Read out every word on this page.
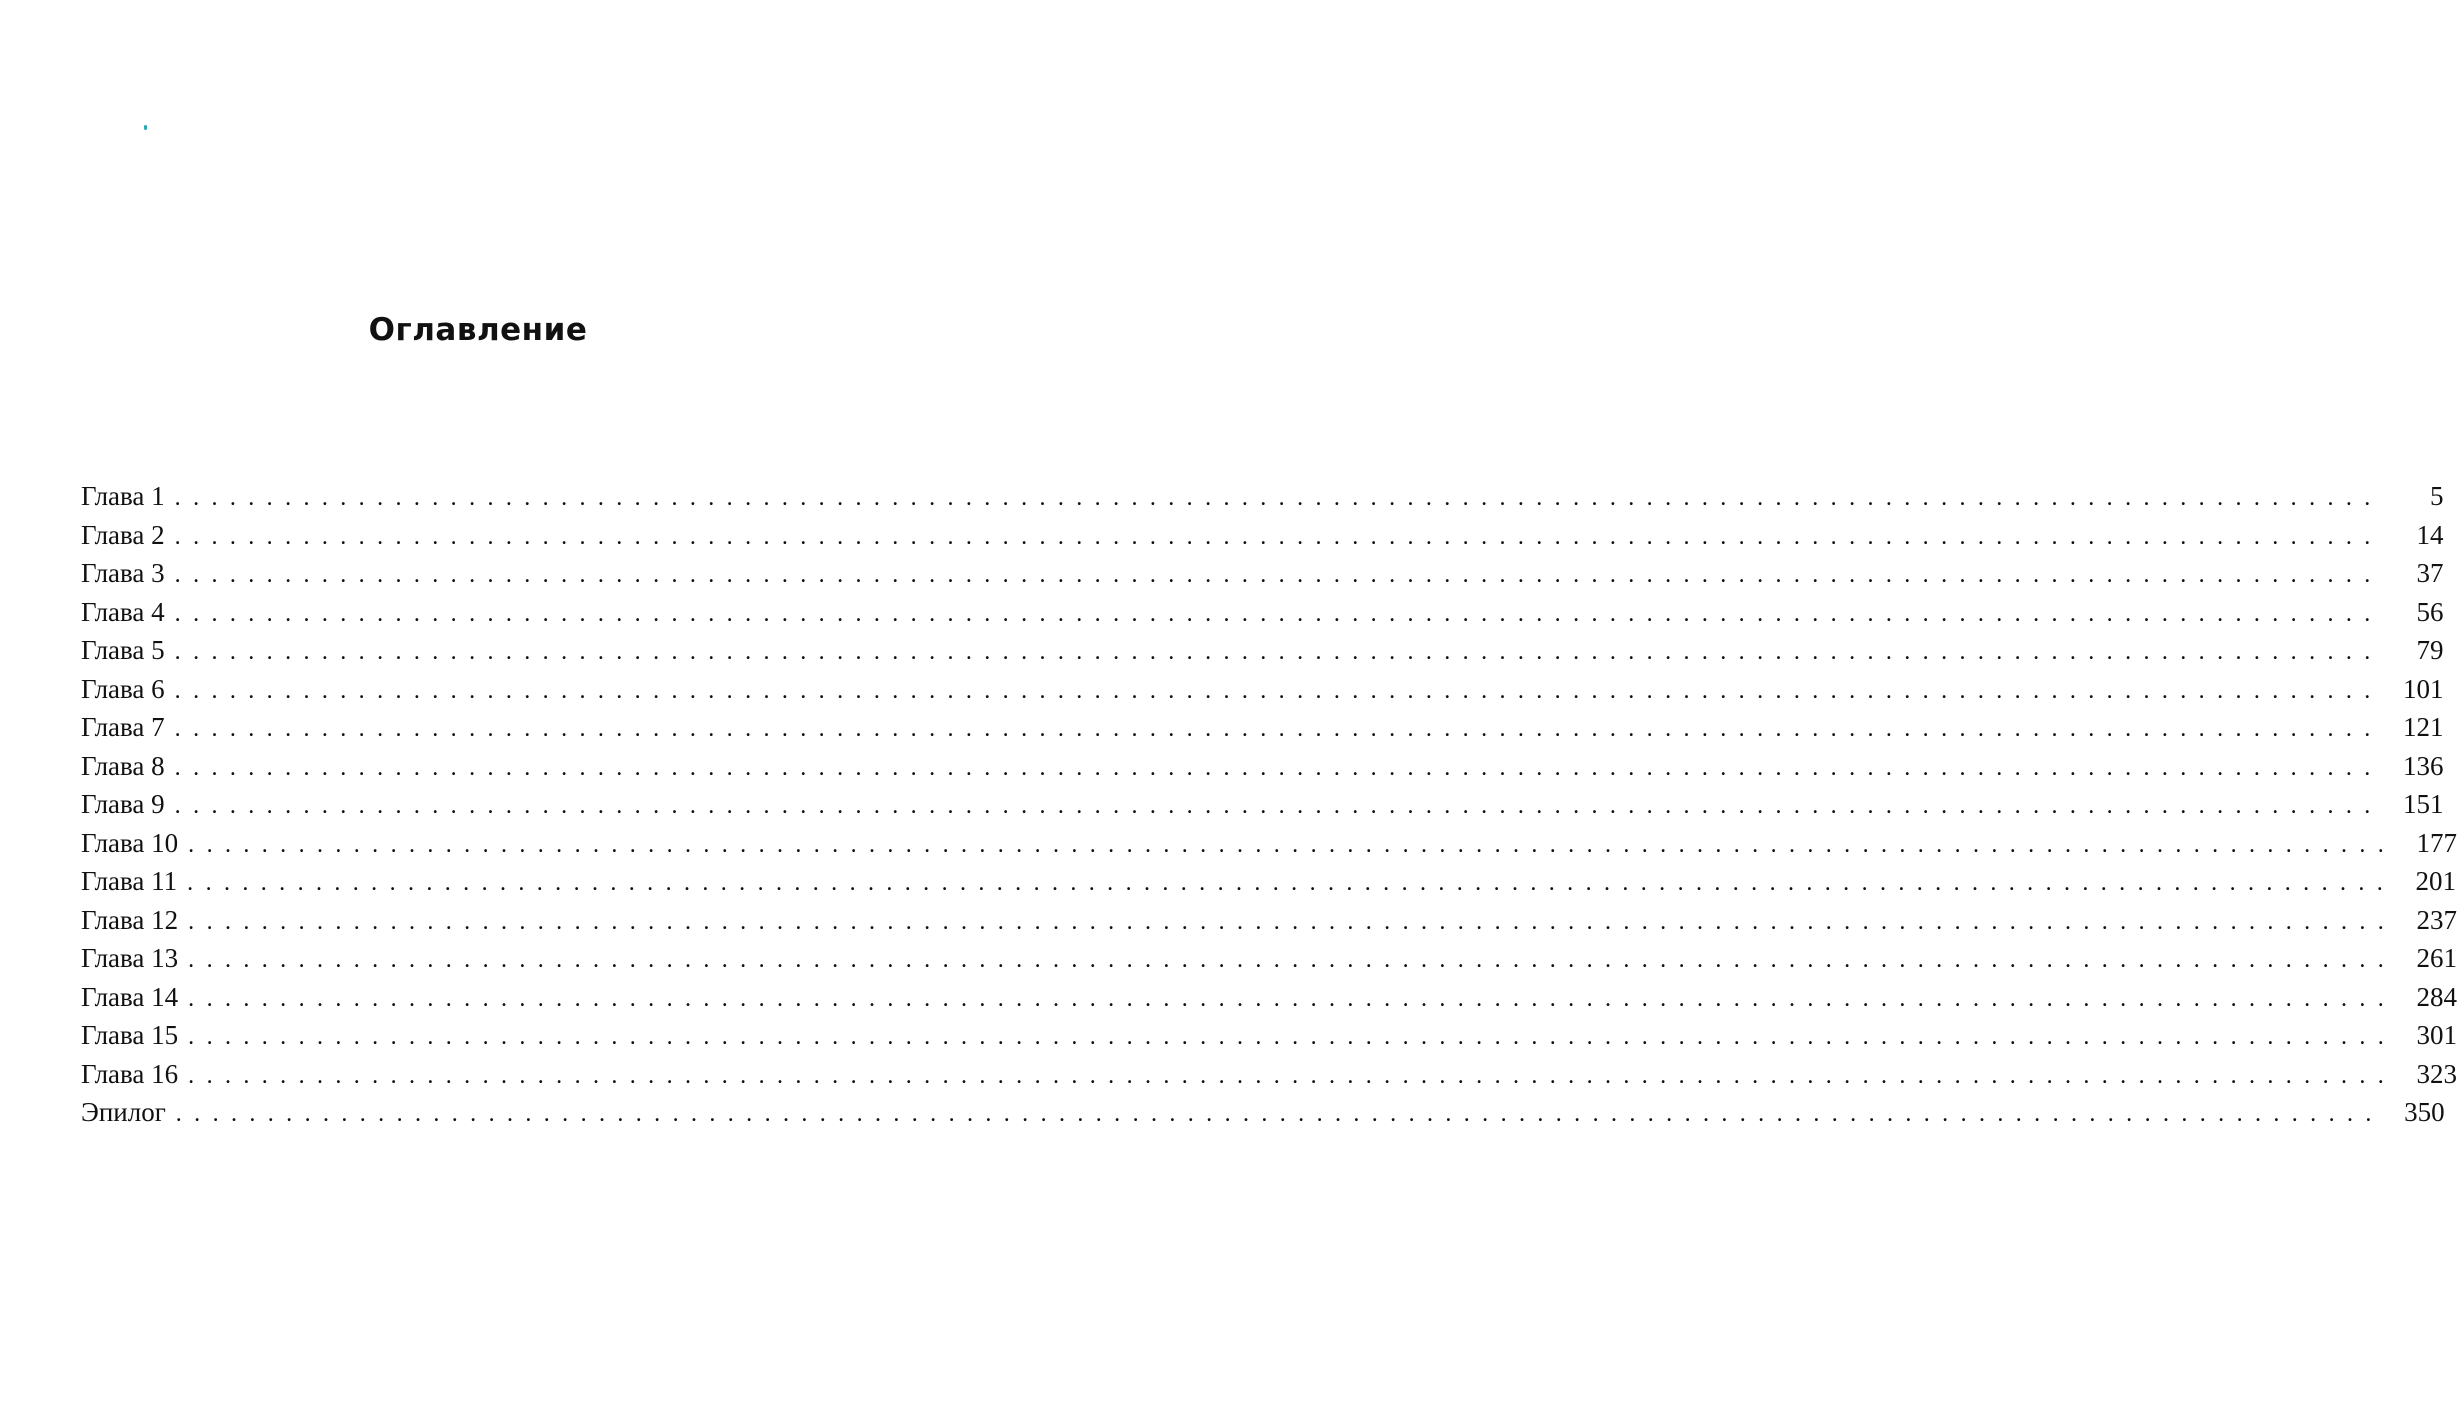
Оглавление
Глава 1 . . . . . . . . . . . . . . . . . . . . . . . . . . . . . . . . . . . . . . . . . . . . . . . . . . . . . . . . . . . . . . . . . . . . . . . . . . . . . . . . . . . . . . . . . . . . . . . . . . . . . . . . . . . . . . . . . . . . . . . .	5
Глава 2 . . . . . . . . . . . . . . . . . . . . . . . . . . . . . . . . . . . . . . . . . . . . . . . . . . . . . . . . . . . . . . . . . . . . . . . . . . . . . . . . . . . . . . . . . . . . . . . . . . . . . . . . . . . . . . . . . . . . . . . .	14
Глава 3 . . . . . . . . . . . . . . . . . . . . . . . . . . . . . . . . . . . . . . . . . . . . . . . . . . . . . . . . . . . . . . . . . . . . . . . . . . . . . . . . . . . . . . . . . . . . . . . . . . . . . . . . . . . . . . . . . . . . . . . .	37
Глава 4 . . . . . . . . . . . . . . . . . . . . . . . . . . . . . . . . . . . . . . . . . . . . . . . . . . . . . . . . . . . . . . . . . . . . . . . . . . . . . . . . . . . . . . . . . . . . . . . . . . . . . . . . . . . . . . . . . . . . . . . .	56
Глава 5 . . . . . . . . . . . . . . . . . . . . . . . . . . . . . . . . . . . . . . . . . . . . . . . . . . . . . . . . . . . . . . . . . . . . . . . . . . . . . . . . . . . . . . . . . . . . . . . . . . . . . . . . . . . . . . . . . . . . . . . .	79
Глава 6 . . . . . . . . . . . . . . . . . . . . . . . . . . . . . . . . . . . . . . . . . . . . . . . . . . . . . . . . . . . . . . . . . . . . . . . . . . . . . . . . . . . . . . . . . . . . . . . . . . . . . . . . . . . . . . . . . . . . . . . .	101
Глава 7 . . . . . . . . . . . . . . . . . . . . . . . . . . . . . . . . . . . . . . . . . . . . . . . . . . . . . . . . . . . . . . . . . . . . . . . . . . . . . . . . . . . . . . . . . . . . . . . . . . . . . . . . . . . . . . . . . . . . . . . .	121
Глава 8 . . . . . . . . . . . . . . . . . . . . . . . . . . . . . . . . . . . . . . . . . . . . . . . . . . . . . . . . . . . . . . . . . . . . . . . . . . . . . . . . . . . . . . . . . . . . . . . . . . . . . . . . . . . . . . . . . . . . . . . .	136
Глава 9 . . . . . . . . . . . . . . . . . . . . . . . . . . . . . . . . . . . . . . . . . . . . . . . . . . . . . . . . . . . . . . . . . . . . . . . . . . . . . . . . . . . . . . . . . . . . . . . . . . . . . . . . . . . . . . . . . . . . . . . .	151
Глава 10 . . . . . . . . . . . . . . . . . . . . . . . . . . . . . . . . . . . . . . . . . . . . . . . . . . . . . . . . . . . . . . . . . . . . . . . . . . . . . . . . . . . . . . . . . . . . . . . . . . . . . . . . . . . . . . . . . . . . . . . .	177
Глава 11 . . . . . . . . . . . . . . . . . . . . . . . . . . . . . . . . . . . . . . . . . . . . . . . . . . . . . . . . . . . . . . . . . . . . . . . . . . . . . . . . . . . . . . . . . . . . . . . . . . . . . . . . . . . . . . . . . . . . . . . .	201
Глава 12 . . . . . . . . . . . . . . . . . . . . . . . . . . . . . . . . . . . . . . . . . . . . . . . . . . . . . . . . . . . . . . . . . . . . . . . . . . . . . . . . . . . . . . . . . . . . . . . . . . . . . . . . . . . . . . . . . . . . . . . .	237
Глава 13 . . . . . . . . . . . . . . . . . . . . . . . . . . . . . . . . . . . . . . . . . . . . . . . . . . . . . . . . . . . . . . . . . . . . . . . . . . . . . . . . . . . . . . . . . . . . . . . . . . . . . . . . . . . . . . . . . . . . . . . .	261
Глава 14 . . . . . . . . . . . . . . . . . . . . . . . . . . . . . . . . . . . . . . . . . . . . . . . . . . . . . . . . . . . . . . . . . . . . . . . . . . . . . . . . . . . . . . . . . . . . . . . . . . . . . . . . . . . . . . . . . . . . . . . .	284
Глава 15 . . . . . . . . . . . . . . . . . . . . . . . . . . . . . . . . . . . . . . . . . . . . . . . . . . . . . . . . . . . . . . . . . . . . . . . . . . . . . . . . . . . . . . . . . . . . . . . . . . . . . . . . . . . . . . . . . . . . . . . .	301
Глава 16 . . . . . . . . . . . . . . . . . . . . . . . . . . . . . . . . . . . . . . . . . . . . . . . . . . . . . . . . . . . . . . . . . . . . . . . . . . . . . . . . . . . . . . . . . . . . . . . . . . . . . . . . . . . . . . . . . . . . . . . .	323
Эпилог . . . . . . . . . . . . . . . . . . . . . . . . . . . . . . . . . . . . . . . . . . . . . . . . . . . . . . . . . . . . . . . . . . . . . . . . . . . . . . . . . . . . . . . . . . . . . . . . . . . . . . . . . . . . . . . . . . . . . . . .	350
